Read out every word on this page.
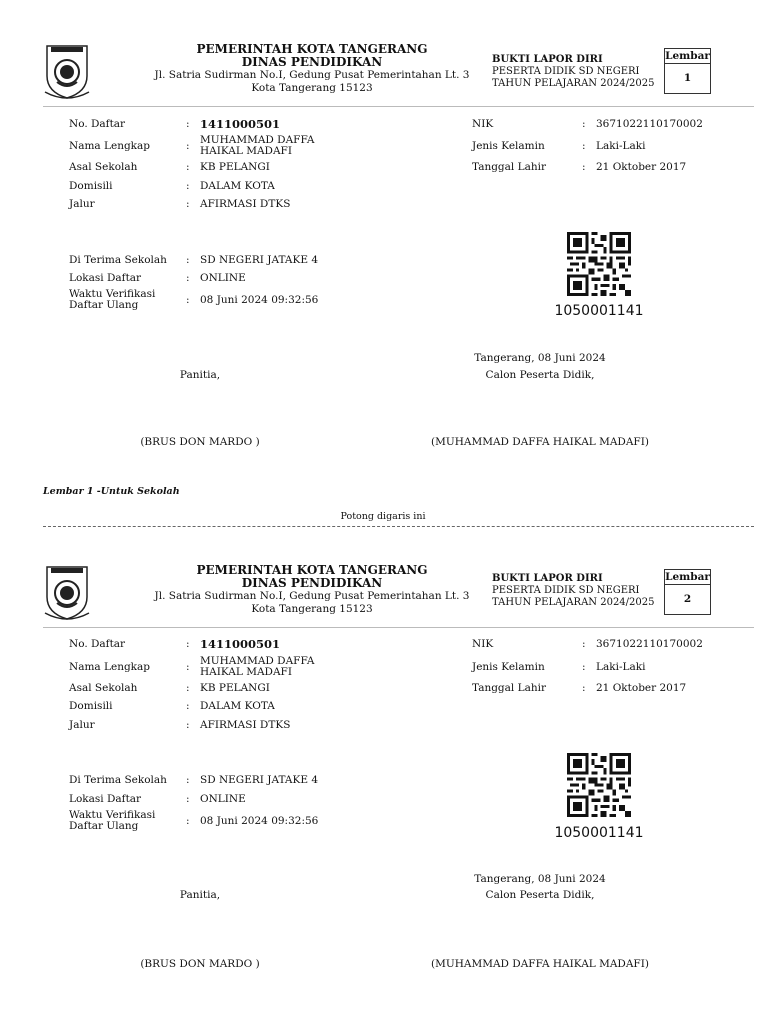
PEMERINTAH KOTA TANGERANG
DINAS PENDIDIKAN
Jl. Satria Sudirman No.I, Gedung Pusat Pemerintahan Lt. 3
Kota Tangerang 15123
BUKTI LAPOR DIRI
PESERTA DIDIK SD NEGERI
TAHUN PELAJARAN 2024/2025
Lembar
1
No. Daftar	: 1411000501
Nama Lengkap	: MUHAMMAD DAFFA HAIKAL MADAFI
Asal Sekolah	: KB PELANGI
Domisili	: DALAM KOTA
Jalur	: AFIRMASI DTKS
NIK	: 3671022110170002
Jenis Kelamin	: Laki-Laki
Tanggal Lahir	: 21 Oktober 2017
Di Terima Sekolah	: SD NEGERI JATAKE 4
Lokasi Daftar	: ONLINE
Waktu Verifikasi Daftar Ulang	: 08 Juni 2024 09:32:56
1050001141
Tangerang, 08 Juni 2024
Calon Peserta Didik,
Panitia,
(BRUS DON MARDO )	(MUHAMMAD DAFFA HAIKAL MADAFI)
Lembar 1 -Untuk Sekolah
Potong digaris ini
PEMERINTAH KOTA TANGERANG
DINAS PENDIDIKAN
Jl. Satria Sudirman No.I, Gedung Pusat Pemerintahan Lt. 3
Kota Tangerang 15123
BUKTI LAPOR DIRI
PESERTA DIDIK SD NEGERI
TAHUN PELAJARAN 2024/2025
Lembar
2
No. Daftar	: 1411000501
Nama Lengkap	: MUHAMMAD DAFFA HAIKAL MADAFI
Asal Sekolah	: KB PELANGI
Domisili	: DALAM KOTA
Jalur	: AFIRMASI DTKS
NIK	: 3671022110170002
Jenis Kelamin	: Laki-Laki
Tanggal Lahir	: 21 Oktober 2017
Di Terima Sekolah	: SD NEGERI JATAKE 4
Lokasi Daftar	: ONLINE
Waktu Verifikasi Daftar Ulang	: 08 Juni 2024 09:32:56
1050001141
Tangerang, 08 Juni 2024
Calon Peserta Didik,
Panitia,
(BRUS DON MARDO )	(MUHAMMAD DAFFA HAIKAL MADAFI)
